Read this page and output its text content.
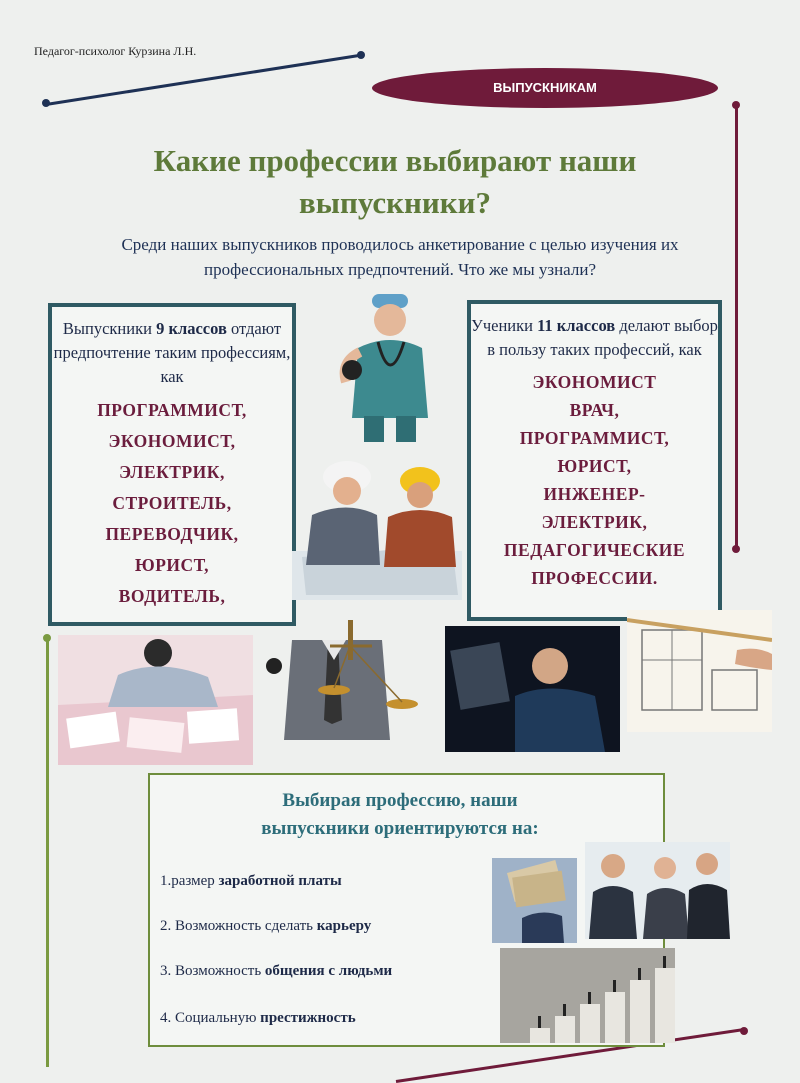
Педагог-психолог Курзина Л.Н.
ВЫПУСКНИКАМ
Какие профессии выбирают наши выпускники?
Среди наших выпускников проводилось анкетирование с целью изучения их профессиональных предпочтений. Что же мы узнали?
Выпускники 9 классов отдают предпочтение таким профессиям, как
ПРОГРАММИСТ,
ЭКОНОМИСТ,
ЭЛЕКТРИК,
СТРОИТЕЛЬ,
ПЕРЕВОДЧИК,
ЮРИСТ,
ВОДИТЕЛЬ,
Ученики 11 классов делают выбор в пользу таких профессий, как
ЭКОНОМИСТ
ВРАЧ,
ПРОГРАММИСТ,
ЮРИСТ,
ИНЖЕНЕР-
ЭЛЕКТРИК,
ПЕДАГОГИЧЕСКИЕ
ПРОФЕССИИ.
Выбирая профессию, наши выпускники ориентируются на:
1.размер заработной платы
2. Возможность сделать карьеру
3. Возможность общения с людьми
4. Социальную престижность
